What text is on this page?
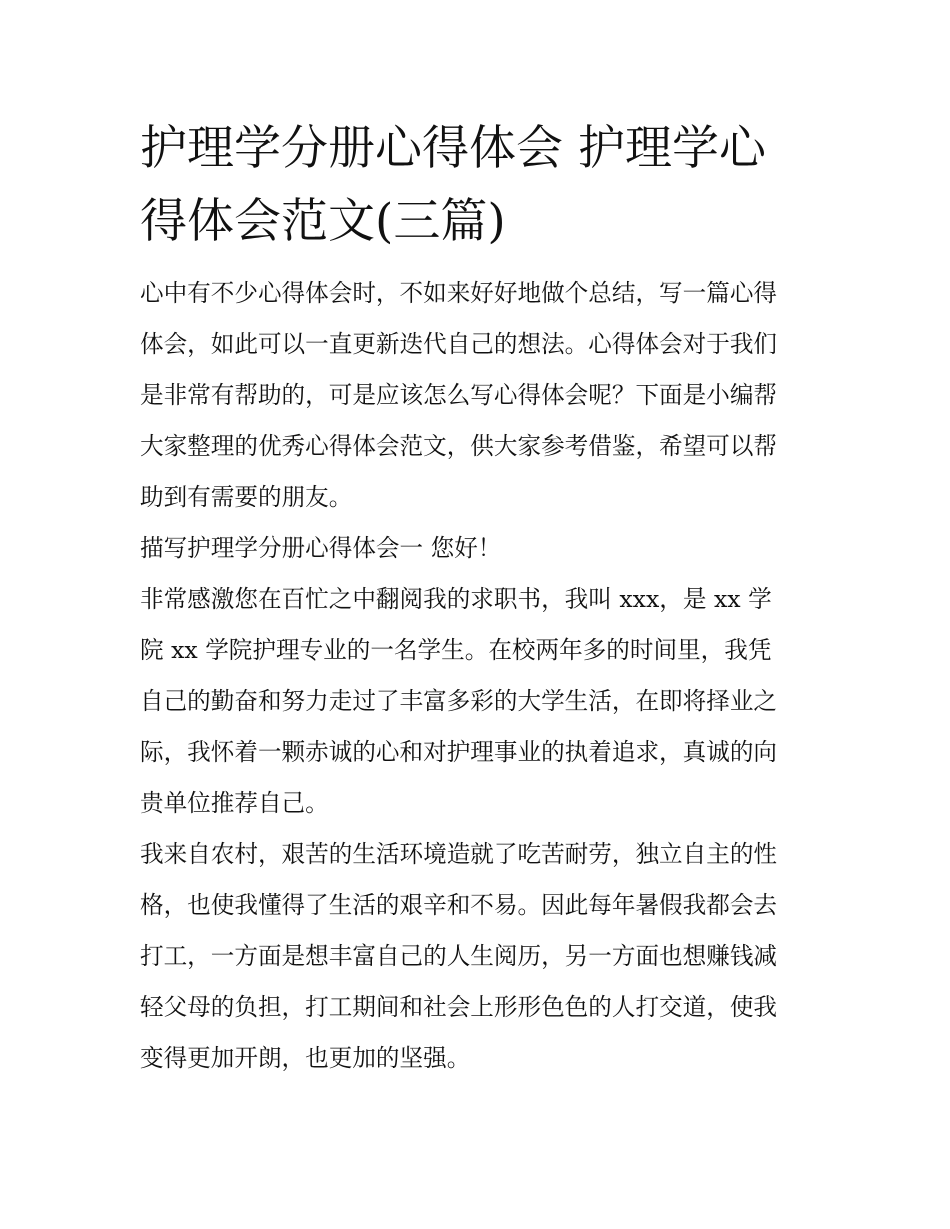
护理学分册心得体会 护理学心
得体会范文(三篇)

心中有不少心得体会时，不如来好好地做个总结，写一篇心得
体会，如此可以一直更新迭代自己的想法。心得体会对于我们
是非常有帮助的，可是应该怎么写心得体会呢？下面是小编帮
大家整理的优秀心得体会范文，供大家参考借鉴，希望可以帮
助到有需要的朋友。

描写护理学分册心得体会一 您好！

非常感激您在百忙之中翻阅我的求职书，我叫 xxx，是 xx 学
院 xx 学院护理专业的一名学生。在校两年多的时间里，我凭
自己的勤奋和努力走过了丰富多彩的大学生活，在即将择业之
际，我怀着一颗赤诚的心和对护理事业的执着追求，真诚的向
贵单位推荐自己。

我来自农村，艰苦的生活环境造就了吃苦耐劳，独立自主的性
格，也使我懂得了生活的艰辛和不易。因此每年暑假我都会去
打工，一方面是想丰富自己的人生阅历，另一方面也想赚钱减
轻父母的负担，打工期间和社会上形形色色的人打交道，使我
变得更加开朗，也更加的坚强。
